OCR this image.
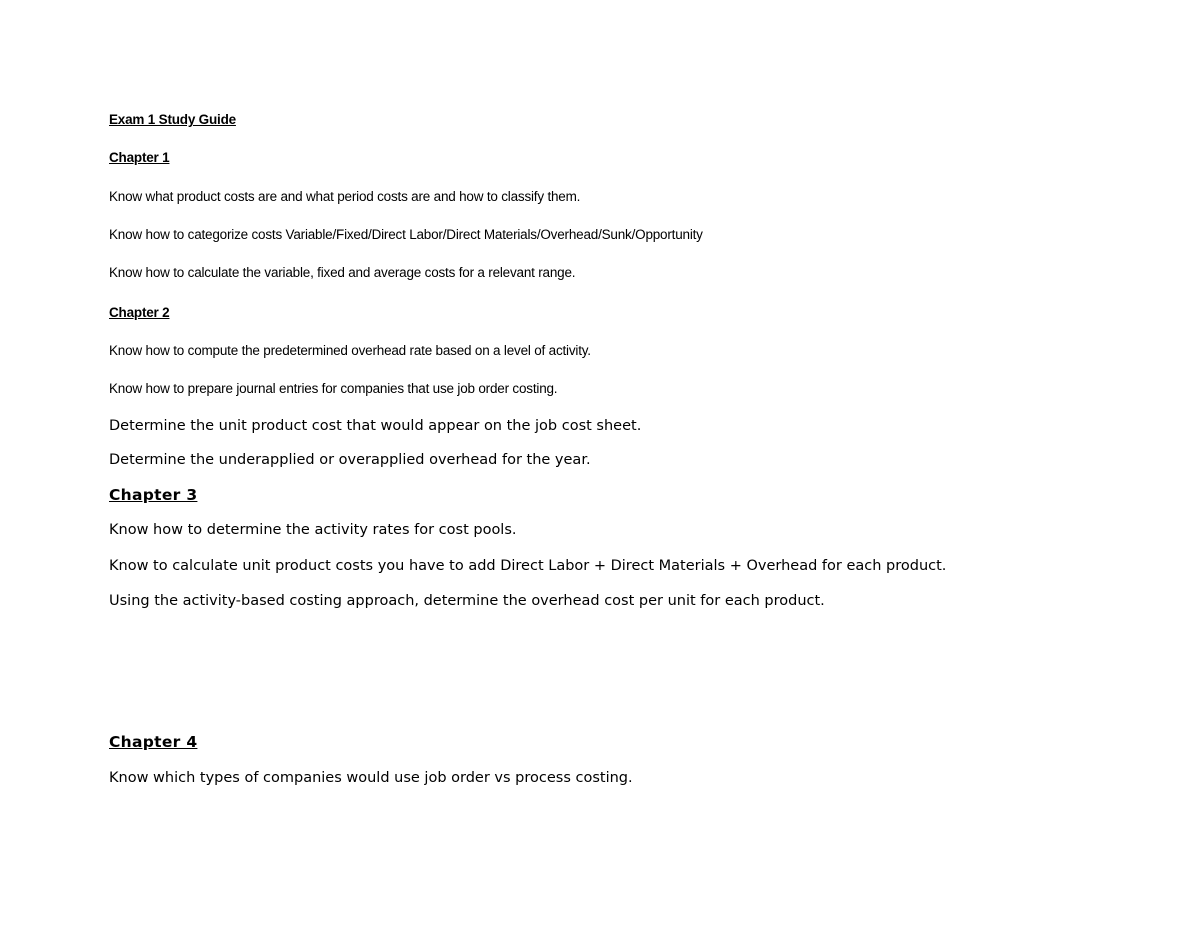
Exam 1 Study Guide
Chapter 1
Know what product costs are and what period costs are and how to classify them.
Know how to categorize costs Variable/Fixed/Direct Labor/Direct Materials/Overhead/Sunk/Opportunity
Know how to calculate the variable, fixed and average costs for a relevant range.
Chapter 2
Know how to compute the predetermined overhead rate based on a level of activity.
Know how to prepare journal entries for companies that use job order costing.
Determine the unit product cost that would appear on the job cost sheet.
Determine the underapplied or overapplied overhead for the year.
Chapter 3
Know how to determine the activity rates for cost pools.
Know to calculate unit product costs you have to add Direct Labor + Direct Materials + Overhead for each product.
Using the activity-based costing approach, determine the overhead cost per unit for each product.
Chapter 4
Know which types of companies would use job order vs process costing.
